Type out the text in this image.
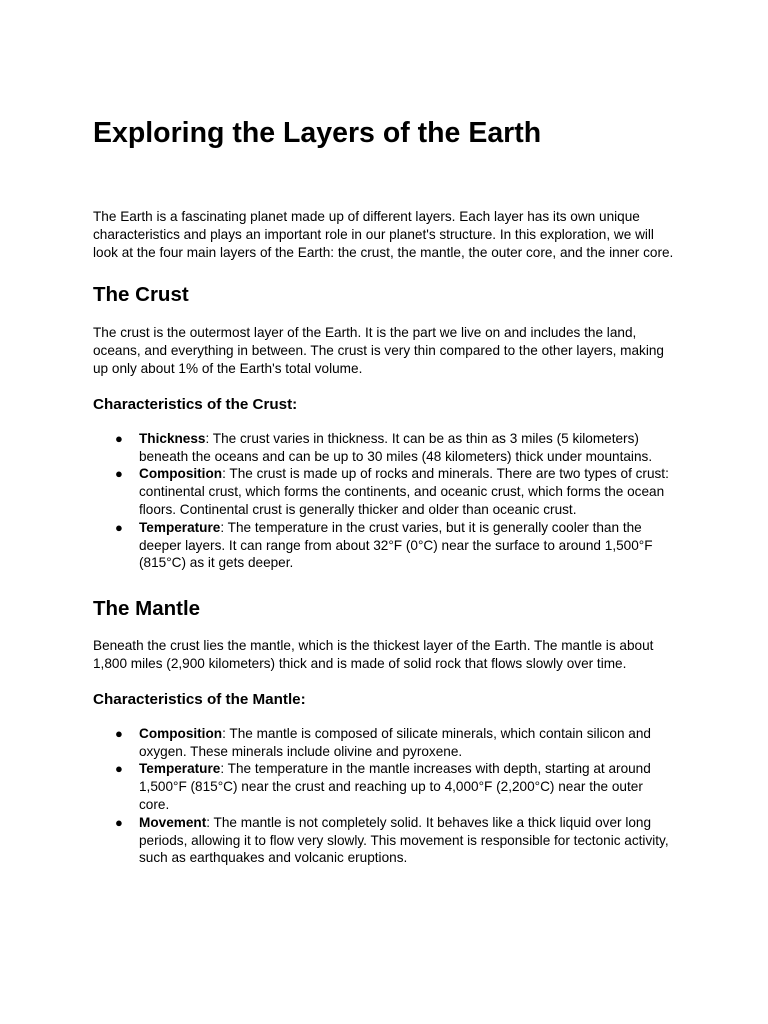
Exploring the Layers of the Earth

The Earth is a fascinating planet made up of different layers. Each layer has its own unique characteristics and plays an important role in our planet's structure. In this exploration, we will look at the four main layers of the Earth: the crust, the mantle, the outer core, and the inner core.

The Crust

The crust is the outermost layer of the Earth. It is the part we live on and includes the land, oceans, and everything in between. The crust is very thin compared to the other layers, making up only about 1% of the Earth's total volume.

Characteristics of the Crust:
● Thickness: The crust varies in thickness. It can be as thin as 3 miles (5 kilometers) beneath the oceans and can be up to 30 miles (48 kilometers) thick under mountains.
● Composition: The crust is made up of rocks and minerals. There are two types of crust: continental crust, which forms the continents, and oceanic crust, which forms the ocean floors. Continental crust is generally thicker and older than oceanic crust.
● Temperature: The temperature in the crust varies, but it is generally cooler than the deeper layers. It can range from about 32°F (0°C) near the surface to around 1,500°F (815°C) as it gets deeper.
The Mantle

Beneath the crust lies the mantle, which is the thickest layer of the Earth. The mantle is about 1,800 miles (2,900 kilometers) thick and is made of solid rock that flows slowly over time.

Characteristics of the Mantle:
● Composition: The mantle is composed of silicate minerals, which contain silicon and oxygen. These minerals include olivine and pyroxene.
● Temperature: The temperature in the mantle increases with depth, starting at around 1,500°F (815°C) near the crust and reaching up to 4,000°F (2,200°C) near the outer core.
● Movement: The mantle is not completely solid. It behaves like a thick liquid over long periods, allowing it to flow very slowly. This movement is responsible for tectonic activity, such as earthquakes and volcanic eruptions.
